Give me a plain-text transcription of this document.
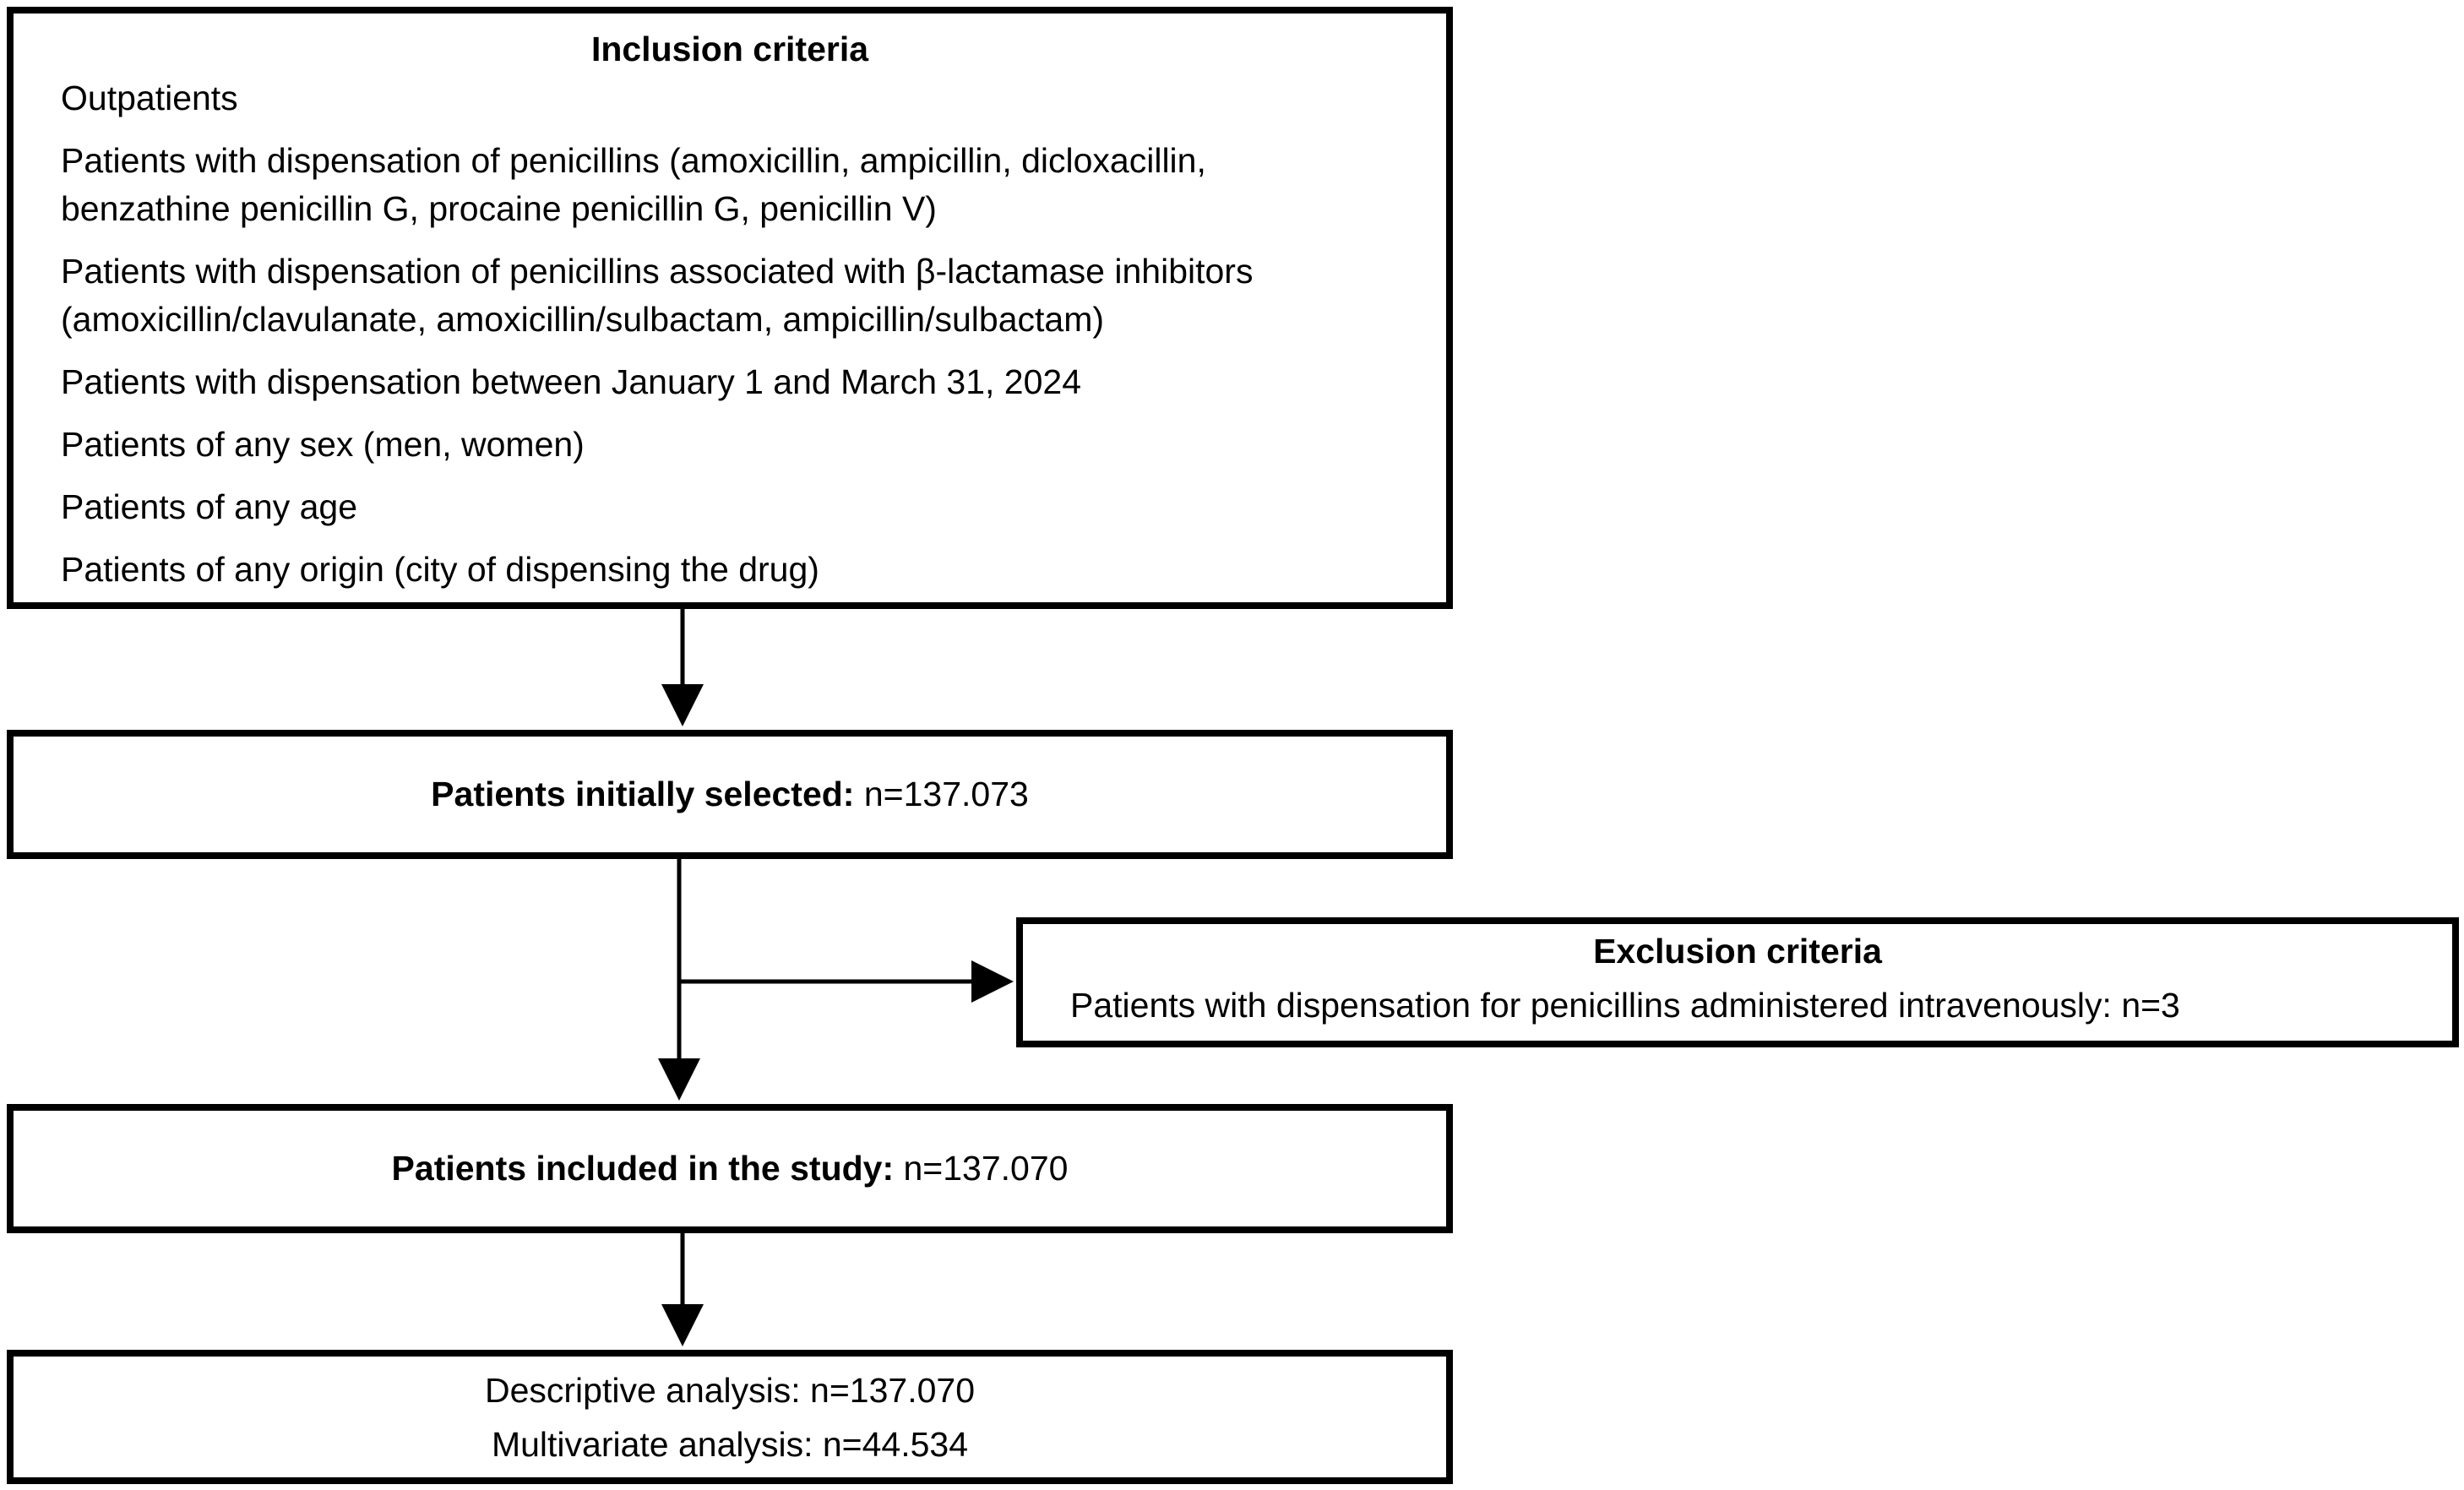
Inclusion criteria
Outpatients
Patients with dispensation of penicillins (amoxicillin, ampicillin, dicloxacillin,
benzathine penicillin G, procaine penicillin G, penicillin V)
Patients with dispensation of penicillins associated with β-lactamase inhibitors
(amoxicillin/clavulanate, amoxicillin/sulbactam, ampicillin/sulbactam)
Patients with dispensation between January 1 and March 31, 2024
Patients of any sex (men, women)
Patients of any age
Patients of any origin (city of dispensing the drug)
Patients initially selected: n=137.073
Exclusion criteria
Patients with dispensation for penicillins administered intravenously: n=3
Patients included in the study: n=137.070
Descriptive analysis: n=137.070
Multivariate analysis: n=44.534
